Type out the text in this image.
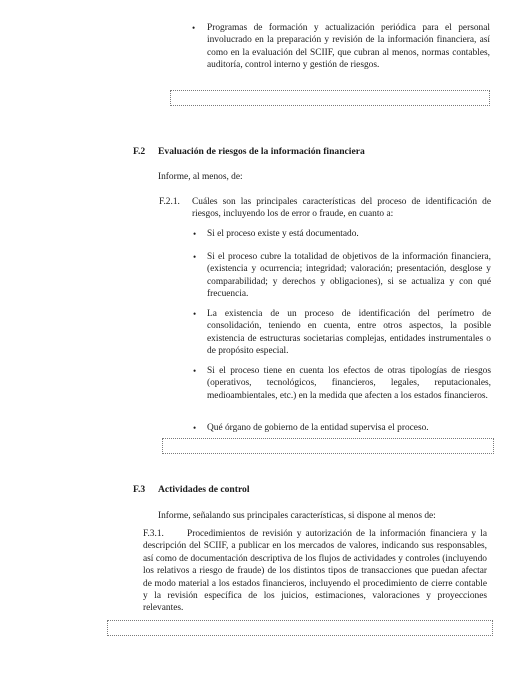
• Programas de formación y actualización periódica para el personal involucrado en la preparación y revisión de la información financiera, así como en la evaluación del SCIIF, que cubran al menos, normas contables, auditoría, control interno y gestión de riesgos.
F.2 Evaluación de riesgos de la información financiera
Informe, al menos, de:
F.2.1. Cuáles son las principales características del proceso de identificación de riesgos, incluyendo los de error o fraude, en cuanto a:
• Si el proceso existe y está documentado.
• Si el proceso cubre la totalidad de objetivos de la información financiera, (existencia y ocurrencia; integridad; valoración; presentación, desglose y comparabilidad; y derechos y obligaciones), si se actualiza y con qué frecuencia.
• La existencia de un proceso de identificación del perímetro de consolidación, teniendo en cuenta, entre otros aspectos, la posible existencia de estructuras societarias complejas, entidades instrumentales o de propósito especial.
• Si el proceso tiene en cuenta los efectos de otras tipologías de riesgos (operativos, tecnológicos, financieros, legales, reputacionales, medioambientales, etc.) en la medida que afecten a los estados financieros.
• Qué órgano de gobierno de la entidad supervisa el proceso.
F.3 Actividades de control
Informe, señalando sus principales características, si dispone al menos de:
F.3.1.	Procedimientos de revisión y autorización de la información financiera y la descripción del SCIIF, a publicar en los mercados de valores, indicando sus responsables, así como de documentación descriptiva de los flujos de actividades y controles (incluyendo los relativos a riesgo de fraude) de los distintos tipos de transacciones que puedan afectar de modo material a los estados financieros, incluyendo el procedimiento de cierre contable y la revisión específica de los juicios, estimaciones, valoraciones y proyecciones relevantes.
